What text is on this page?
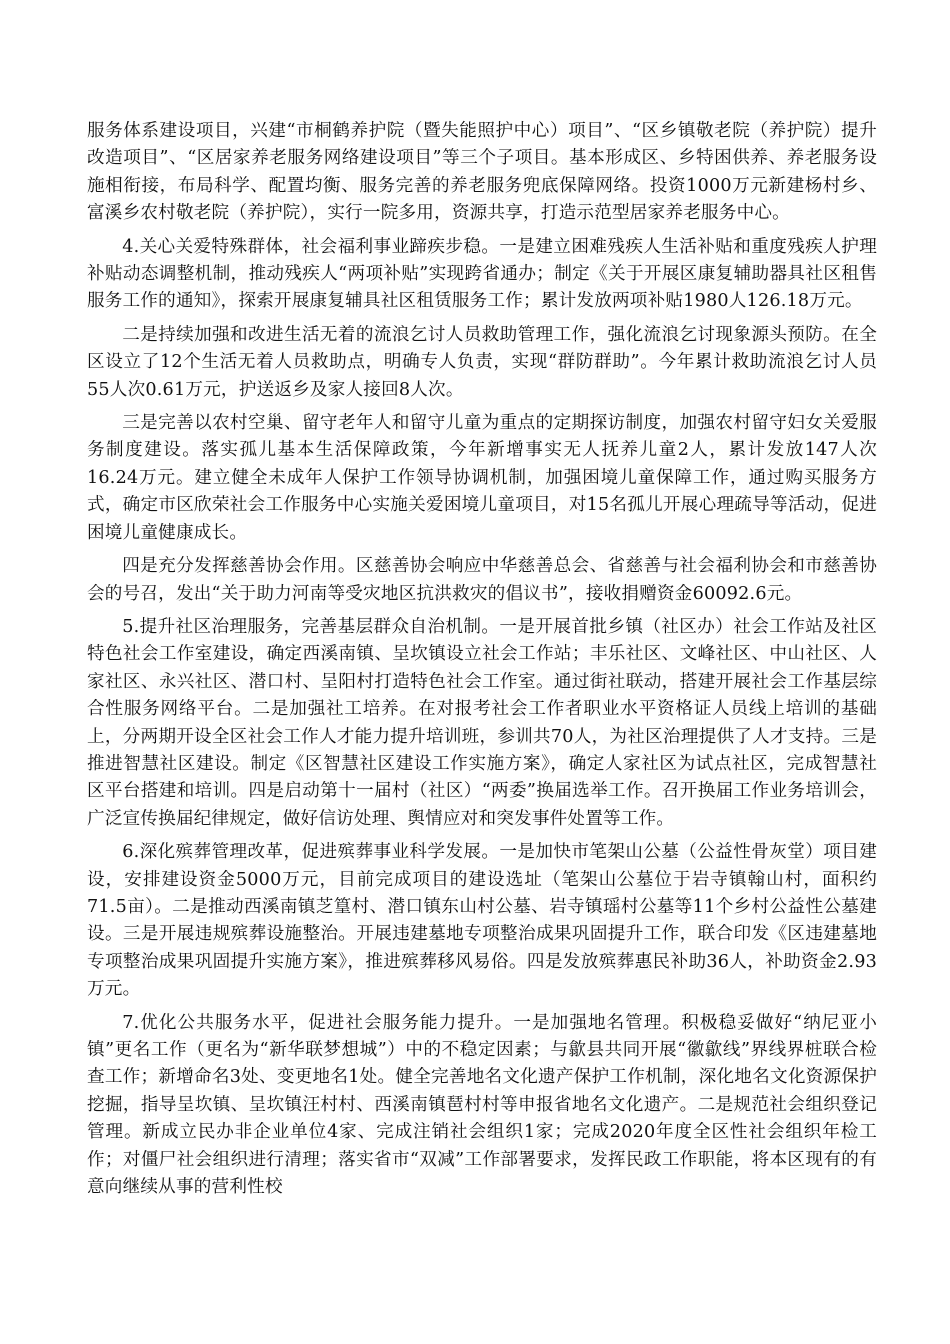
服务体系建设项目，兴建“市桐鹤养护院（暨失能照护中心）项目”、“区乡镇敬老院（养护院）提升改造项目”、“区居家养老服务网络建设项目”等三个子项目。基本形成区、乡特困供养、养老服务设施相衔接，布局科学、配置均衡、服务完善的养老服务兜底保障网络。投资1000万元新建杨村乡、富溪乡农村敬老院（养护院），实行一院多用，资源共享，打造示范型居家养老服务中心。

4.关心关爱特殊群体，社会福利事业蹄疾步稳。一是建立困难残疾人生活补贴和重度残疾人护理补贴动态调整机制，推动残疾人“两项补贴”实现跨省通办；制定《关于开展区康复辅助器具社区租售服务工作的通知》，探索开展康复辅具社区租赁服务工作；累计发放两项补贴1980人126.18万元。

二是持续加强和改进生活无着的流浪乞讨人员救助管理工作，强化流浪乞讨现象源头预防。在全区设立了12个生活无着人员救助点，明确专人负责，实现“群防群助”。今年累计救助流浪乞讨人员55人次0.61万元，护送返乡及家人接回8人次。

三是完善以农村空巢、留守老年人和留守儿童为重点的定期探访制度，加强农村留守妇女关爱服务制度建设。落实孤儿基本生活保障政策，今年新增事实无人抚养儿童2人，累计发放147人次16.24万元。建立健全未成年人保护工作领导协调机制，加强困境儿童保障工作，通过购买服务方式，确定市区欣荣社会工作服务中心实施关爱困境儿童项目，对15名孤儿开展心理疏导等活动，促进困境儿童健康成长。

四是充分发挥慈善协会作用。区慈善协会响应中华慈善总会、省慈善与社会福利协会和市慈善协会的号召，发出“关于助力河南等受灾地区抗洪救灾的倡议书”，接收捐赠资金60092.6元。

5.提升社区治理服务，完善基层群众自治机制。一是开展首批乡镇（社区办）社会工作站及社区特色社会工作室建设，确定西溪南镇、呈坎镇设立社会工作站；丰乐社区、文峰社区、中山社区、人家社区、永兴社区、潜口村、呈阳村打造特色社会工作室。通过街社联动，搭建开展社会工作基层综合性服务网络平台。二是加强社工培养。在对报考社会工作者职业水平资格证人员线上培训的基础上，分两期开设全区社会工作人才能力提升培训班，参训共70人，为社区治理提供了人才支持。三是推进智慧社区建设。制定《区智慧社区建设工作实施方案》，确定人家社区为试点社区，完成智慧社区平台搭建和培训。四是启动第十一届村（社区）“两委”换届选举工作。召开换届工作业务培训会，广泛宣传换届纪律规定，做好信访处理、舆情应对和突发事件处置等工作。

6.深化殡葬管理改革，促进殡葬事业科学发展。一是加快市笔架山公墓（公益性骨灰堂）项目建设，安排建设资金5000万元，目前完成项目的建设选址（笔架山公墓位于岩寺镇翰山村，面积约71.5亩）。二是推动西溪南镇芝篁村、潜口镇东山村公墓、岩寺镇瑶村公墓等11个乡村公益性公墓建设。三是开展违规殡葬设施整治。开展违建墓地专项整治成果巩固提升工作，联合印发《区违建墓地专项整治成果巩固提升实施方案》，推进殡葬移风易俗。四是发放殡葬惠民补助36人，补助资金2.93万元。

7.优化公共服务水平，促进社会服务能力提升。一是加强地名管理。积极稳妥做好“纳尼亚小镇”更名工作（更名为“新华联梦想城”）中的不稳定因素；与歙县共同开展“徽歙线”界线界桩联合检查工作；新增命名3处、变更地名1处。健全完善地名文化遗产保护工作机制，深化地名文化资源保护挖掘，指导呈坎镇、呈坎镇汪村村、西溪南镇琶村村等申报省地名文化遗产。二是规范社会组织登记管理。新成立民办非企业单位4家、完成注销社会组织1家；完成2020年度全区性社会组织年检工作；对僵尸社会组织进行清理；落实省市“双减”工作部署要求，发挥民政工作职能，将本区现有的有意向继续从事的营利性校
